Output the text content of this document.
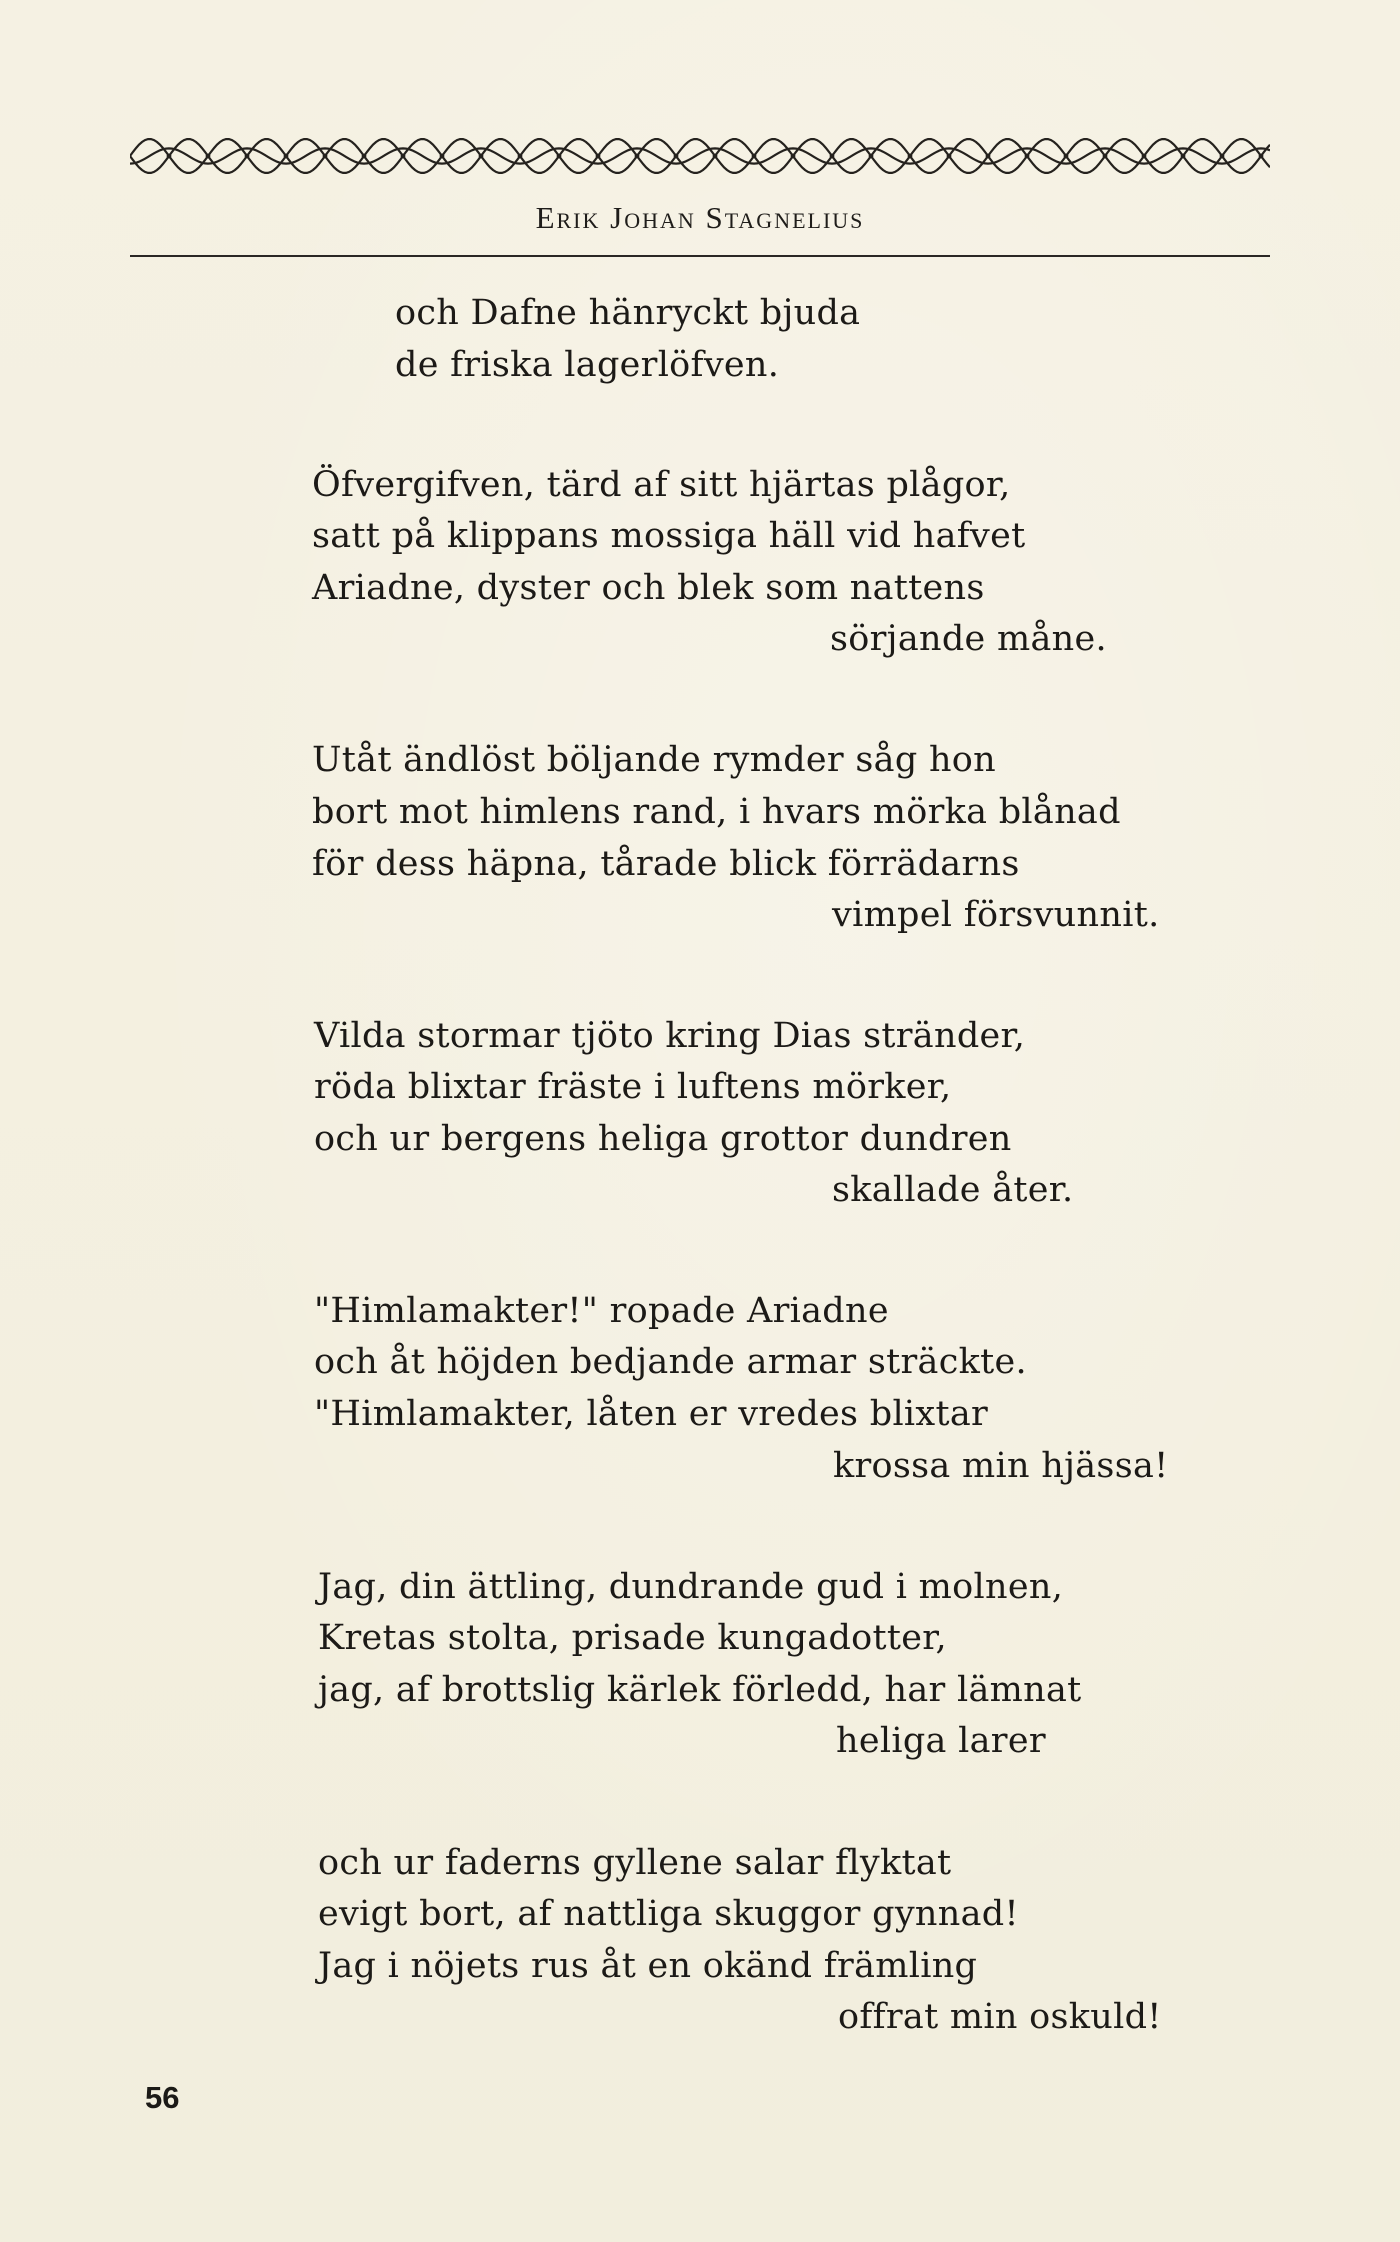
Erik Johan Stagnelius
och Dafne hänryckt bjuda
de friska lagerlöfven.
Öfvergifven, tärd af sitt hjärtas plågor,
satt på klippans mossiga häll vid hafvet
Ariadne, dyster och blek som nattens
sörjande måne.
Utåt ändlöst böljande rymder såg hon
bort mot himlens rand, i hvars mörka blånad
för dess häpna, tårade blick förrädarns
vimpel försvunnit.
Vilda stormar tjöto kring Dias stränder,
röda blixtar fräste i luftens mörker,
och ur bergens heliga grottor dundren
skallade åter.
"Himlamakter!" ropade Ariadne
och åt höjden bedjande armar sträckte.
"Himlamakter, låten er vredes blixtar
krossa min hjässa!
Jag, din ättling, dundrande gud i molnen,
Kretas stolta, prisade kungadotter,
jag, af brottslig kärlek förledd, har lämnat
heliga larer
och ur faderns gyllene salar flyktat
evigt bort, af nattliga skuggor gynnad!
Jag i nöjets rus åt en okänd främling
offrat min oskuld!
56
